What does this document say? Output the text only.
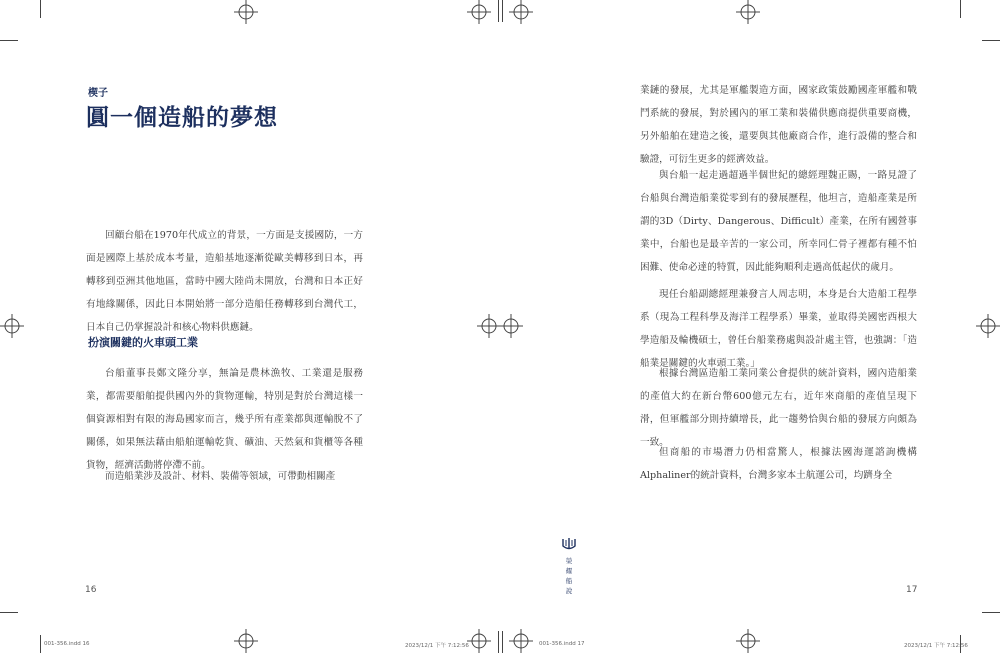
楔子
圓一個造船的夢想

回顧台船在1970年代成立的背景，一方面是支援國防，一方面是國際上基於成本考量，造船基地逐漸從歐美轉移到日本，再轉移到亞洲其他地區，當時中國大陸尚未開放，台灣和日本正好有地緣關係，因此日本開始將一部分造船任務轉移到台灣代工，日本自己仍掌握設計和核心物料供應鏈。

扮演關鍵的火車頭工業

台船董事長鄭文隆分享，無論是農林漁牧、工業還是服務業，都需要船舶提供國內外的貨物運輸，特別是對於台灣這樣一個資源相對有限的海島國家而言，幾乎所有產業都與運輸脫不了關係，如果無法藉由船舶運輸乾貨、礦油、天然氣和貨櫃等各種貨物，經濟活動將停滯不前。

而造船業涉及設計、材料、裝備等領域，可帶動相關產

16
001-356.indd 16	2023/12/1 下午 7:12:56
榮
耀
船
說

業鏈的發展，尤其是軍艦製造方面，國家政策鼓勵國產軍艦和戰鬥系統的發展，對於國內的軍工業和裝備供應商提供重要商機，另外船舶在建造之後，還要與其他廠商合作，進行設備的整合和驗證，可衍生更多的經濟效益。

與台船一起走過超過半個世紀的總經理魏正賜，一路見證了台船與台灣造船業從零到有的發展歷程，他坦言，造船產業是所謂的3D（Dirty、Dangerous、Difficult）產業，在所有國營事業中，台船也是最辛苦的一家公司，所幸同仁骨子裡都有種不怕困難、使命必達的特質，因此能夠順利走過高低起伏的歲月。

現任台船副總經理兼發言人周志明，本身是台大造船工程學系（現為工程科學及海洋工程學系）畢業，並取得美國密西根大學造船及輪機碩士，曾任台船業務處與設計處主管，也強調：「造船業是關鍵的火車頭工業。」

根據台灣區造船工業同業公會提供的統計資料，國內造船業的產值大約在新台幣600億元左右，近年來商船的產值呈現下滑，但軍艦部分則持續增長，此一趨勢恰與台船的發展方向頗為一致。

但商船的市場潛力仍相當驚人，根據法國海運諮詢機構Alphaliner的統計資料，台灣多家本土航運公司，均躋身全

17
001-356.indd 17	2023/12/1 下午 7:12:56
